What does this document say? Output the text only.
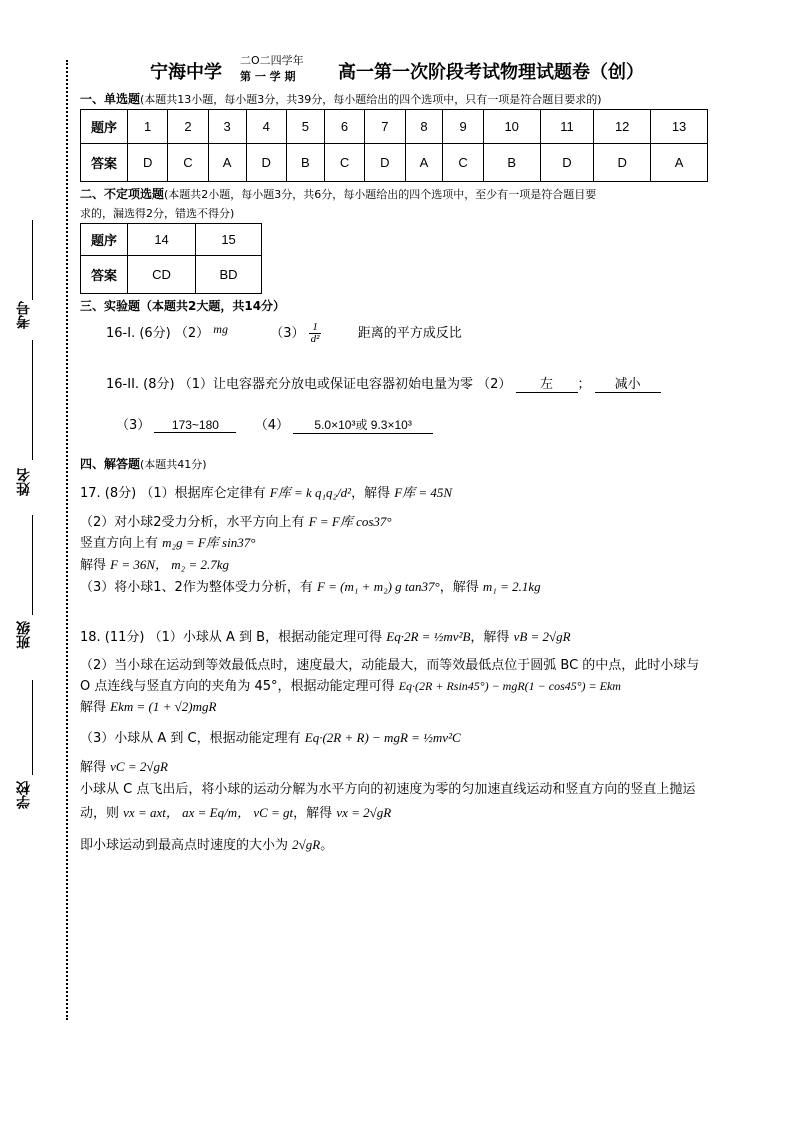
考号
姓名
班级
学校
宁海中学
二O二四学年
第 一 学 期 高一第一次阶段考试物理试题卷（创）
一、单选题(本题共13小题，每小题3分，共39分，每小题给出的四个选项中，只有一项是符合题目要求的)
题序	1	2	3	4	5	6	7	8	9	10	11	12	13
答案	D	C	A	D	B	C	D	A	C	B	D	D	A
二、不定项选题(本题共2小题，每小题3分，共6分，每小题给出的四个选项中，至少有一项是符合题目要
求的，漏选得2分，错选不得分)
题序	14	15
答案	CD	BD
三、实验题（本题共2大题，共14分）
16-I. (6分) （2） mg	$(3) \frac{1}{\text{d²}}$	距离的平方成反比
16-II. (8分) （1）让电容器充分放电或保证电容器初始电量为零 （2） 左 ； 减小
（3） 173~180	（4） 5.0×10³或 9.3×10³
四、解答题(本题共41分)
17. (8分) （1）根据库仑定律有 F库 = k q₁q₂/d²，解得 F库 = 45N
（2）对小球2受力分析，水平方向上有 F = F库 cos37°
竖直方向上有 m₂g = F库 sin37°
解得 F = 36N， m₂ = 2.7kg
（3）将小球1、2作为整体受力分析，有 F = (m₁ + m₂) g tan37°，解得 m₁ = 2.1kg
18. (11分) （1）小球从 A 到 B，根据动能定理可得 Eq·2R = ½mv²B，解得 vB = 2√gR
（2）当小球在运动到等效最低点时，速度最大，动能最大，而等效最低点位于圆弧 BC 的中点，此时小球与
O 点连线与竖直方向的夹角为 45°，根据动能定理可得 Eq·(2R + Rsin45°) − mgR(1 − cos45°) = Ekm
解得 Ekm = (1 + √2)mgR
（3）小球从 A 到 C，根据动能定理有 Eq·(2R + R) − mgR = ½mv²C
解得 vC = 2√gR
小球从 C 点飞出后，将小球的运动分解为水平方向的初速度为零的匀加速直线运动和竖直方向的竖直上抛运
动，则 vx = axt， ax = Eq/m， vC = gt，解得 vx = 2√gR
即小球运动到最高点时速度的大小为 2√gR。
